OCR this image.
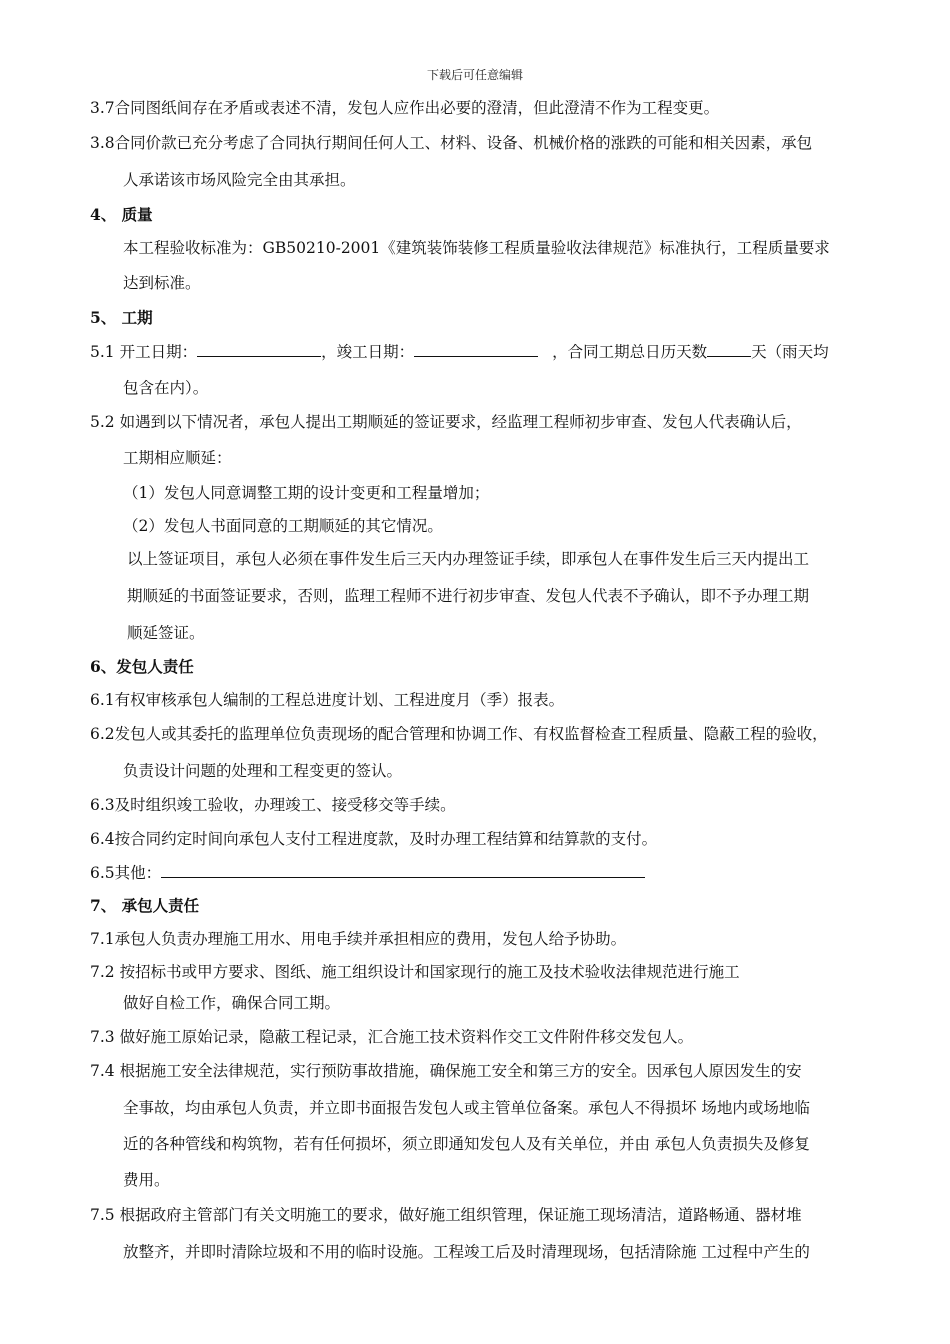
下载后可任意编辑
3.7合同图纸间存在矛盾或表述不清，发包人应作出必要的澄清，但此澄清不作为工程变更。
3.8合同价款已充分考虑了合同执行期间任何人工、材料、设备、机械价格的涨跌的可能和相关因素，承包
人承诺该市场风险完全由其承担。
4、 质量
本工程验收标准为：GB50210-2001《建筑装饰装修工程质量验收法律规范》标准执行，工程质量要求
达到标准。
5、 工期
5.1 开工日期：	，竣工日期：	，合同工期总日历天数	天（雨天均
包含在内）。
5.2 如遇到以下情况者，承包人提出工期顺延的签证要求，经监理工程师初步审查、发包人代表确认后，
工期相应顺延：
（1）发包人同意调整工期的设计变更和工程量增加；
（2）发包人书面同意的工期顺延的其它情况。
以上签证项目，承包人必须在事件发生后三天内办理签证手续，即承包人在事件发生后三天内提出工
期顺延的书面签证要求，否则，监理工程师不进行初步审查、发包人代表不予确认，即不予办理工期
顺延签证。
6、发包人责任
6.1有权审核承包人编制的工程总进度计划、工程进度月（季）报表。
6.2发包人或其委托的监理单位负责现场的配合管理和协调工作、有权监督检查工程质量、隐蔽工程的验收，
负责设计问题的处理和工程变更的签认。
6.3及时组织竣工验收，办理竣工、接受移交等手续。
6.4按合同约定时间向承包人支付工程进度款，及时办理工程结算和结算款的支付。
6.5其他：
7、 承包人责任
7.1承包人负责办理施工用水、用电手续并承担相应的费用，发包人给予协助。
7.2 按招标书或甲方要求、图纸、施工组织设计和国家现行的施工及技术验收法律规范进行施工
做好自检工作，确保合同工期。
7.3 做好施工原始记录，隐蔽工程记录，汇合施工技术资料作交工文件附件移交发包人。
7.4 根据施工安全法律规范，实行预防事故措施，确保施工安全和第三方的安全。因承包人原因发生的安
全事故，均由承包人负责，并立即书面报告发包人或主管单位备案。承包人不得损坏 场地内或场地临
近的各种管线和构筑物，若有任何损坏，须立即通知发包人及有关单位，并由 承包人负责损失及修复
费用。
7.5 根据政府主管部门有关文明施工的要求，做好施工组织管理，保证施工现场清洁，道路畅通、器材堆
放整齐，并即时清除垃圾和不用的临时设施。工程竣工后及时清理现场，包括清除施 工过程中产生的
